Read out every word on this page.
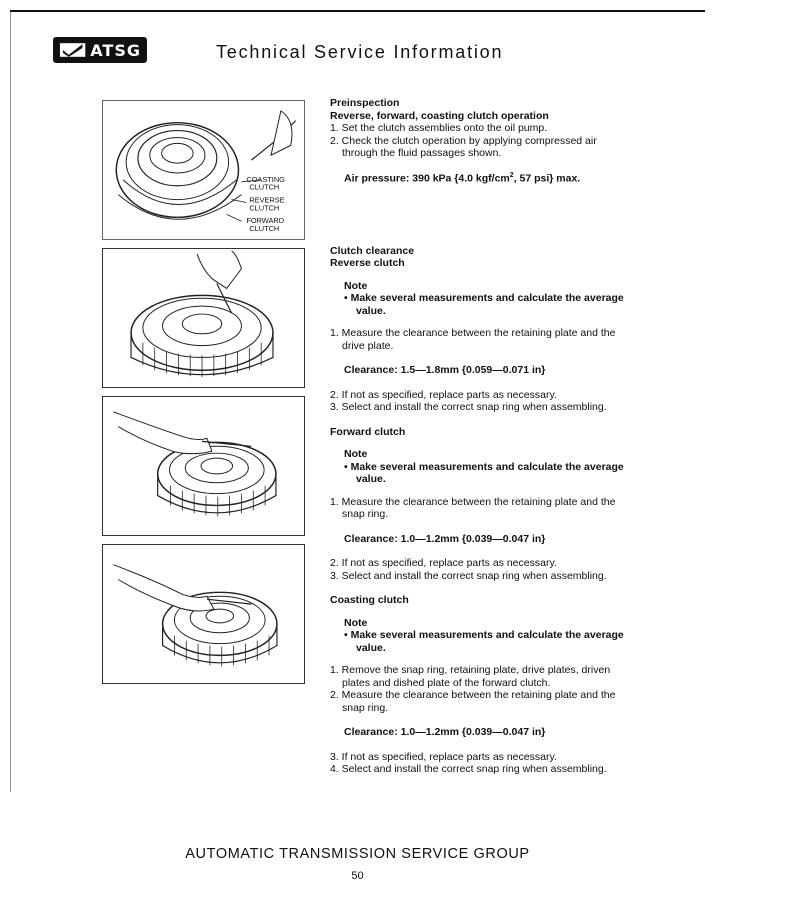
ATSG	Technical Service Information
COASTING
CLUTCH
REVERSE
CLUTCH
FORWARD
CLUTCH
Preinspection
Reverse, forward, coasting clutch operation
1. Set the clutch assemblies onto the oil pump.
2. Check the clutch operation by applying compressed air through the fluid passages shown.
Air pressure: 390 kPa {4.0 kgf/$cm^2$, 57 psi} max.
Clutch clearance
Reverse clutch
Note
• Make several measurements and calculate the average value.
1. Measure the clearance between the retaining plate and the drive plate.
Clearance: 1.5—1.8mm {0.059—0.071 in}
2. If not as specified, replace parts as necessary.
3. Select and install the correct snap ring when assembling.
Forward clutch
Note
• Make several measurements and calculate the average value.
1. Measure the clearance between the retaining plate and the snap ring.
Clearance: 1.0—1.2mm {0.039—0.047 in}
2. If not as specified, replace parts as necessary.
3. Select and install the correct snap ring when assembling.
Coasting clutch
Note
• Make several measurements and calculate the average value.
1. Remove the snap ring, retaining plate, drive plates, driven plates and dished plate of the forward clutch.
2. Measure the clearance between the retaining plate and the snap ring.
Clearance: 1.0—1.2mm {0.039—0.047 in}
3. If not as specified, replace parts as necessary.
4. Select and install the correct snap ring when assembling.
AUTOMATIC TRANSMISSION SERVICE GROUP
50
